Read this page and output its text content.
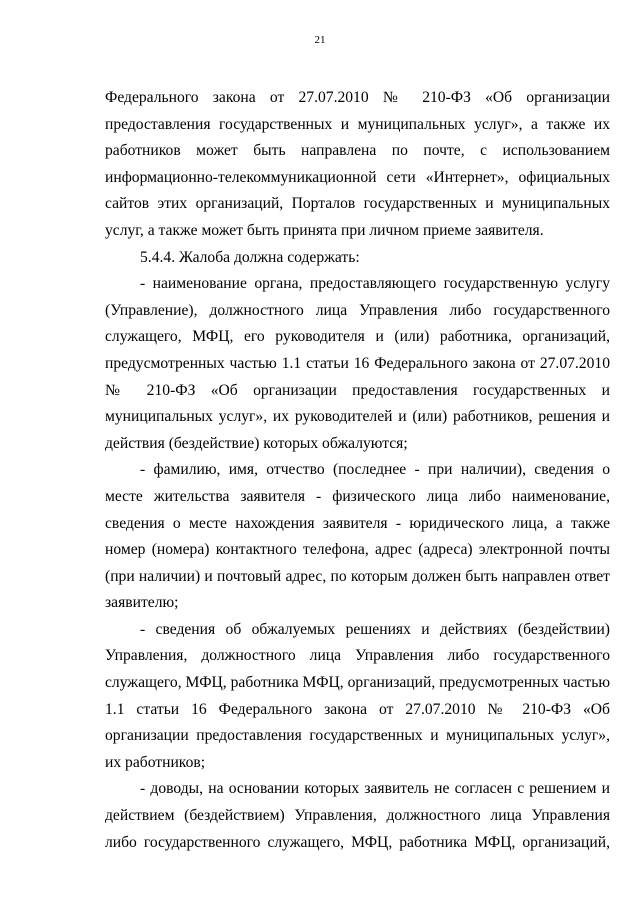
21

Федерального закона от 27.07.2010 № 210-ФЗ «Об организации предоставления государственных и муниципальных услуг», а также их работников может быть направлена по почте, с использованием информационно-телекоммуникационной сети «Интернет», официальных сайтов этих организаций, Порталов государственных и муниципальных услуг, а также может быть принята при личном приеме заявителя.

5.4.4. Жалоба должна содержать:

- наименование органа, предоставляющего государственную услугу (Управление), должностного лица Управления либо государственного служащего, МФЦ, его руководителя и (или) работника, организаций, предусмотренных частью 1.1 статьи 16 Федерального закона от 27.07.2010 № 210-ФЗ «Об организации предоставления государственных и муниципальных услуг», их руководителей и (или) работников, решения и действия (бездействие) которых обжалуются;

- фамилию, имя, отчество (последнее - при наличии), сведения о месте жительства заявителя - физического лица либо наименование, сведения о месте нахождения заявителя - юридического лица, а также номер (номера) контактного телефона, адрес (адреса) электронной почты (при наличии) и почтовый адрес, по которым должен быть направлен ответ заявителю;

- сведения об обжалуемых решениях и действиях (бездействии) Управления, должностного лица Управления либо государственного служащего, МФЦ, работника МФЦ, организаций, предусмотренных частью 1.1 статьи 16 Федерального закона от 27.07.2010 № 210-ФЗ «Об организации предоставления государственных и муниципальных услуг», их работников;

- доводы, на основании которых заявитель не согласен с решением и действием (бездействием) Управления, должностного лица Управления либо государственного служащего, МФЦ, работника МФЦ, организаций,
